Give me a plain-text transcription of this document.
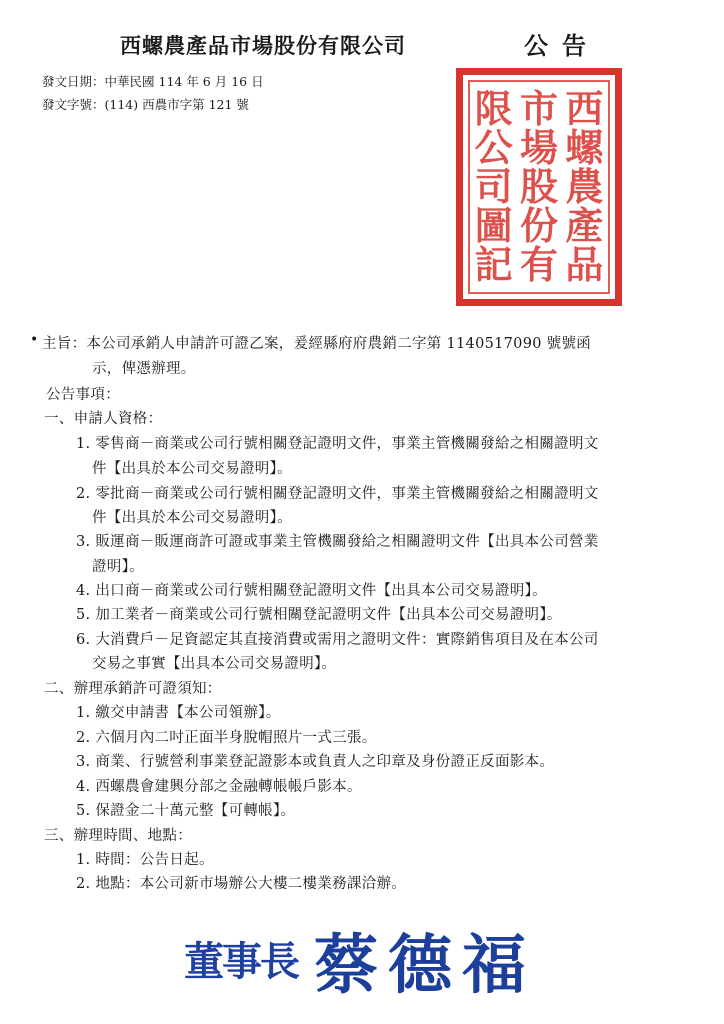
西螺農產品市場股份有限公司	公告
發文日期：中華民國 114 年 6 月 16 日
發文字號：(114) 西農市字第 121 號	西
螺
農
產
品
市
場
股
份
有
限
公
司
圖
記
• 主旨：本公司承銷人申請許可證乙案，爰經縣府府農銷二字第 1140517090 號號函
示，俾憑辦理。
公告事項：
一、申請人資格：
1. 零售商－商業或公司行號相關登記證明文件，事業主管機關發給之相關證明文
件【出具於本公司交易證明】。
2. 零批商－商業或公司行號相關登記證明文件，事業主管機關發給之相關證明文
件【出具於本公司交易證明】。
3. 販運商－販運商許可證或事業主管機關發給之相關證明文件【出具本公司營業
證明】。
4. 出口商－商業或公司行號相關登記證明文件【出具本公司交易證明】。
5. 加工業者－商業或公司行號相關登記證明文件【出具本公司交易證明】。
6. 大消費戶－足資認定其直接消費或需用之證明文件：實際銷售項目及在本公司
交易之事實【出具本公司交易證明】。
二、辦理承銷許可證須知：
1. 繳交申請書【本公司領辦】。
2. 六個月內二吋正面半身脫帽照片一式三張。
3. 商業、行號營利事業登記證影本或負責人之印章及身份證正反面影本。
4. 西螺農會建興分部之金融轉帳帳戶影本。
5. 保證金二十萬元整【可轉帳】。
三、辦理時間、地點：
1. 時間：公告日起。
2. 地點：本公司新市場辦公大樓二樓業務課洽辦。
董事長 蔡德福
